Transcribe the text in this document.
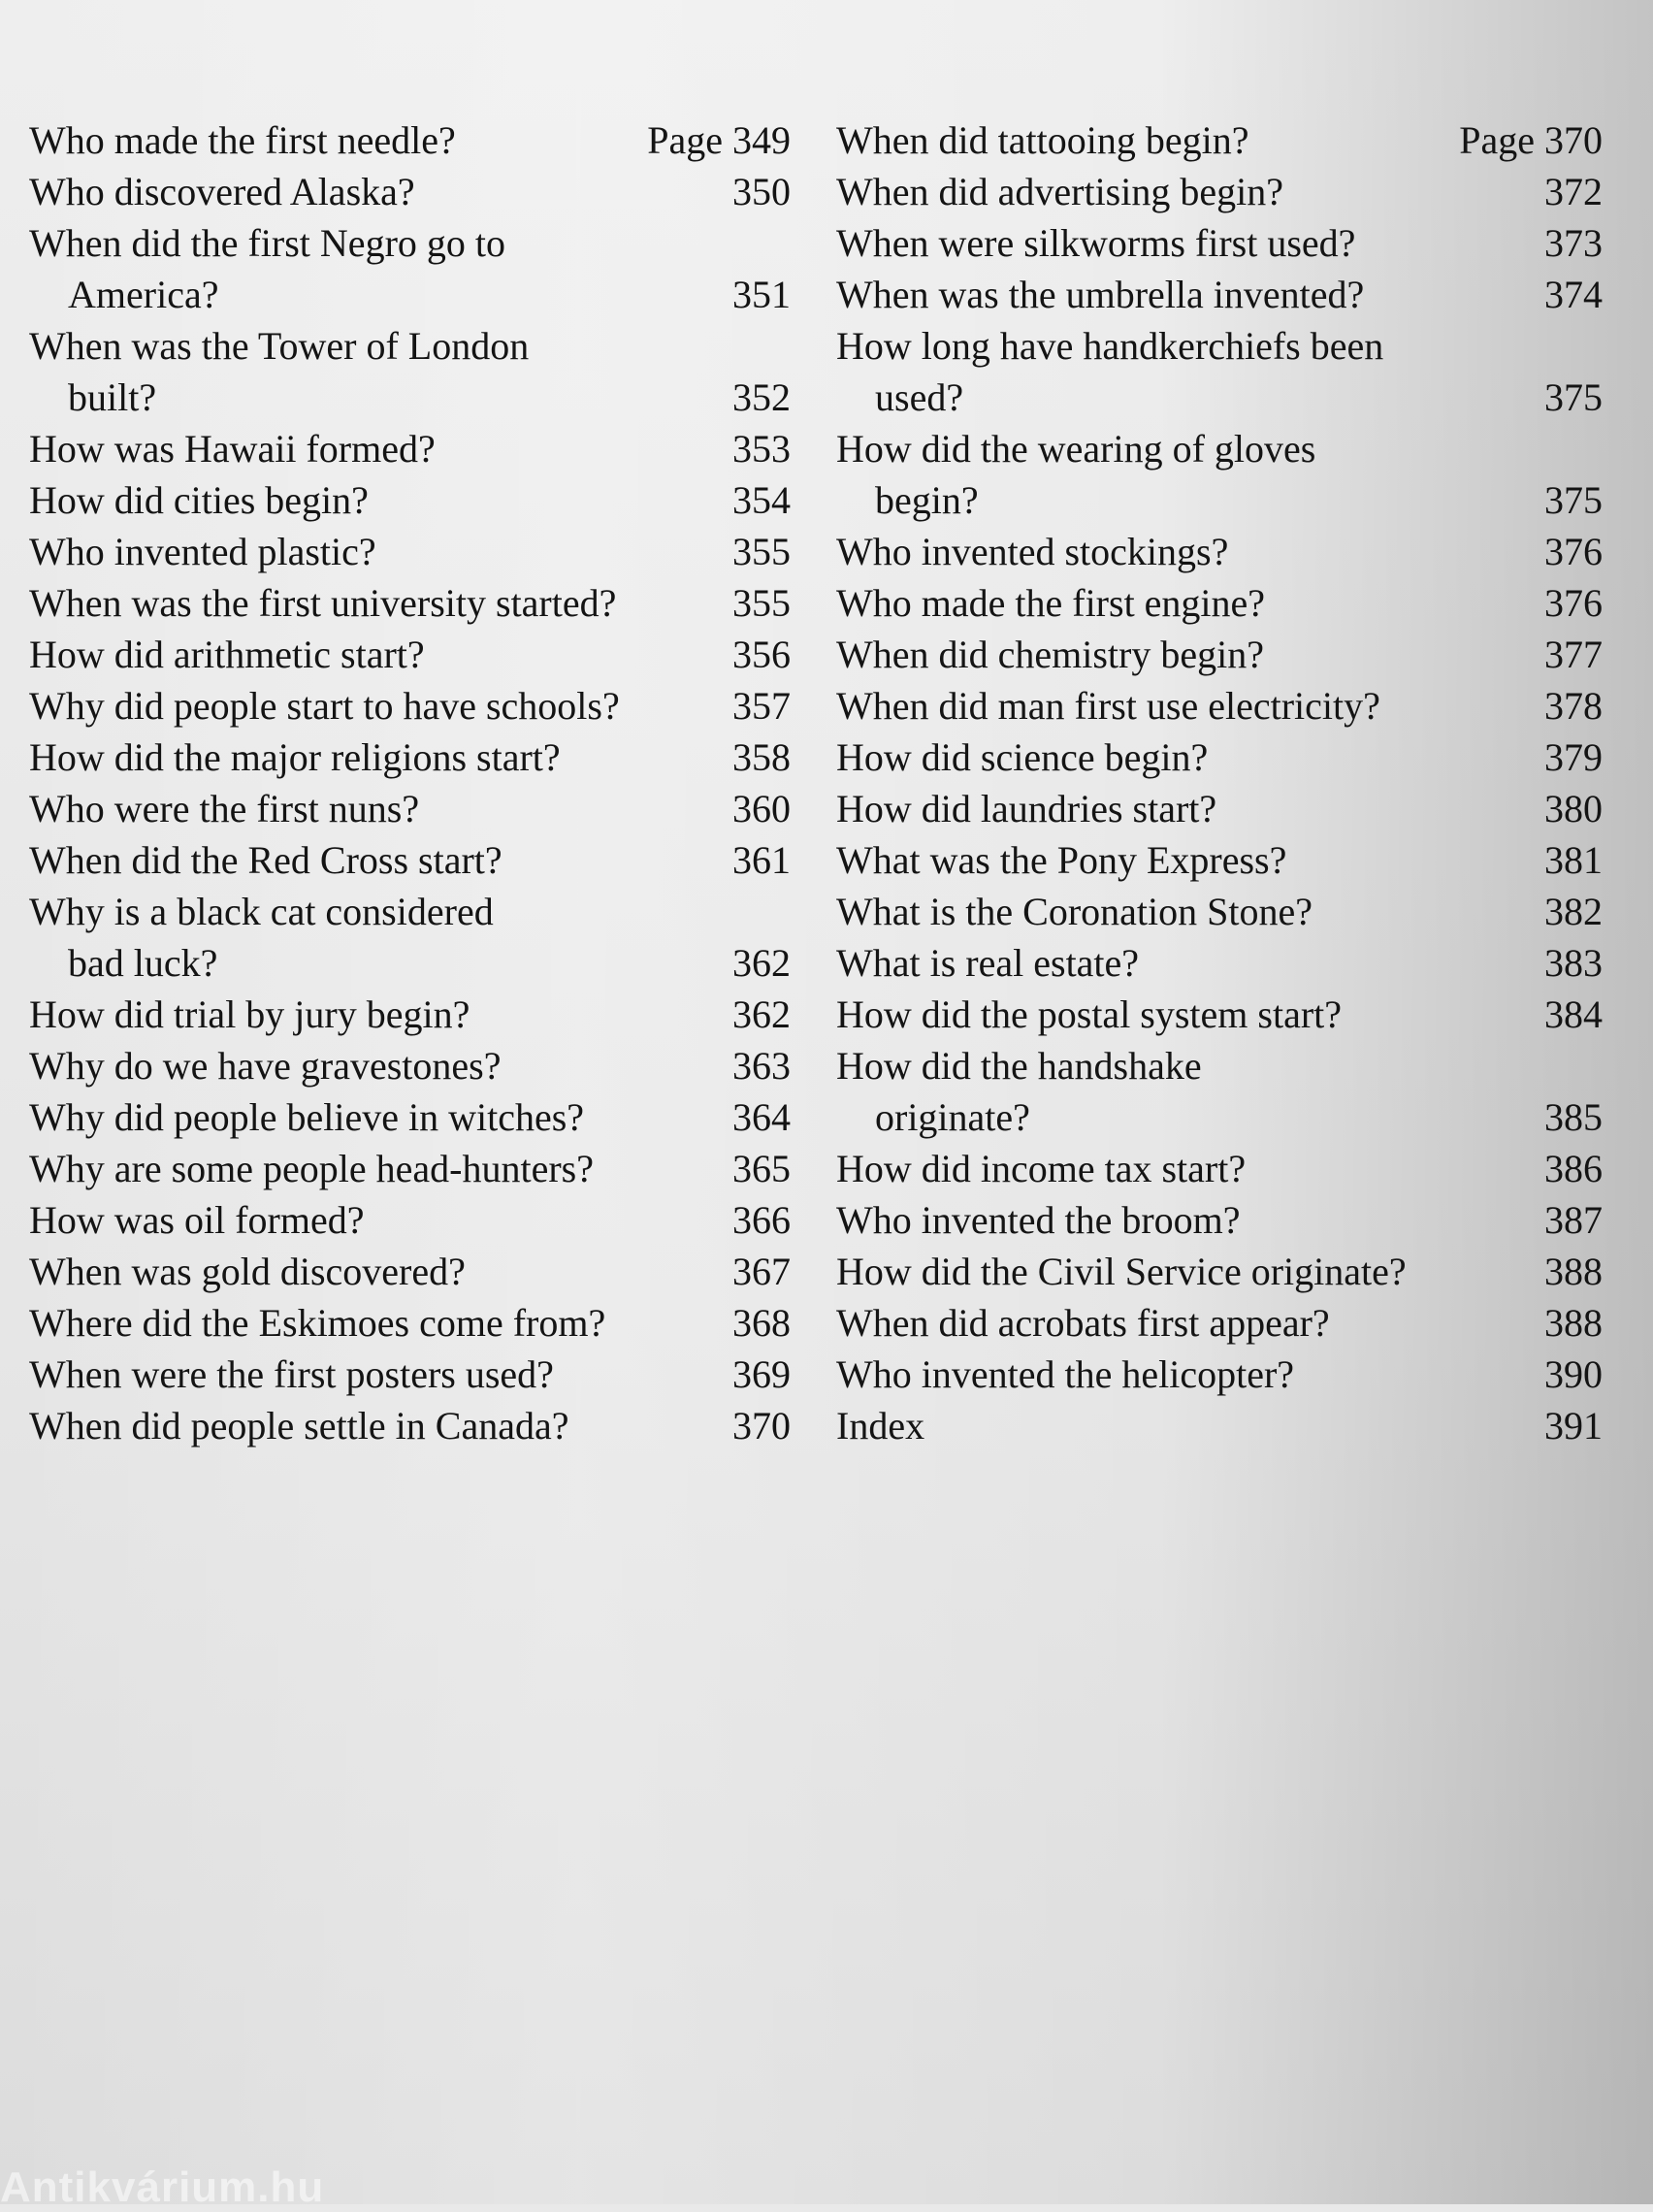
Who made the first needle?	Page 349
Who discovered Alaska?	350
When did the first Negro go to
America?	351
When was the Tower of London
built?	352
How was Hawaii formed?	353
How did cities begin?	354
Who invented plastic?	355
When was the first university started?	355
How did arithmetic start?	356
Why did people start to have schools?	357
How did the major religions start?	358
Who were the first nuns?	360
When did the Red Cross start?	361
Why is a black cat considered
bad luck?	362
How did trial by jury begin?	362
Why do we have gravestones?	363
Why did people believe in witches?	364
Why are some people head-hunters?	365
How was oil formed?	366
When was gold discovered?	367
Where did the Eskimoes come from?	368
When were the first posters used?	369
When did people settle in Canada?	370
When did tattooing begin?	Page 370
When did advertising begin?	372
When were silkworms first used?	373
When was the umbrella invented?	374
How long have handkerchiefs been
used?	375
How did the wearing of gloves
begin?	375
Who invented stockings?	376
Who made the first engine?	376
When did chemistry begin?	377
When did man first use electricity?	378
How did science begin?	379
How did laundries start?	380
What was the Pony Express?	381
What is the Coronation Stone?	382
What is real estate?	383
How did the postal system start?	384
How did the handshake
originate?	385
How did income tax start?	386
Who invented the broom?	387
How did the Civil Service originate?	388
When did acrobats first appear?	388
Who invented the helicopter?	390
Index	391
Antikvárium.hu
